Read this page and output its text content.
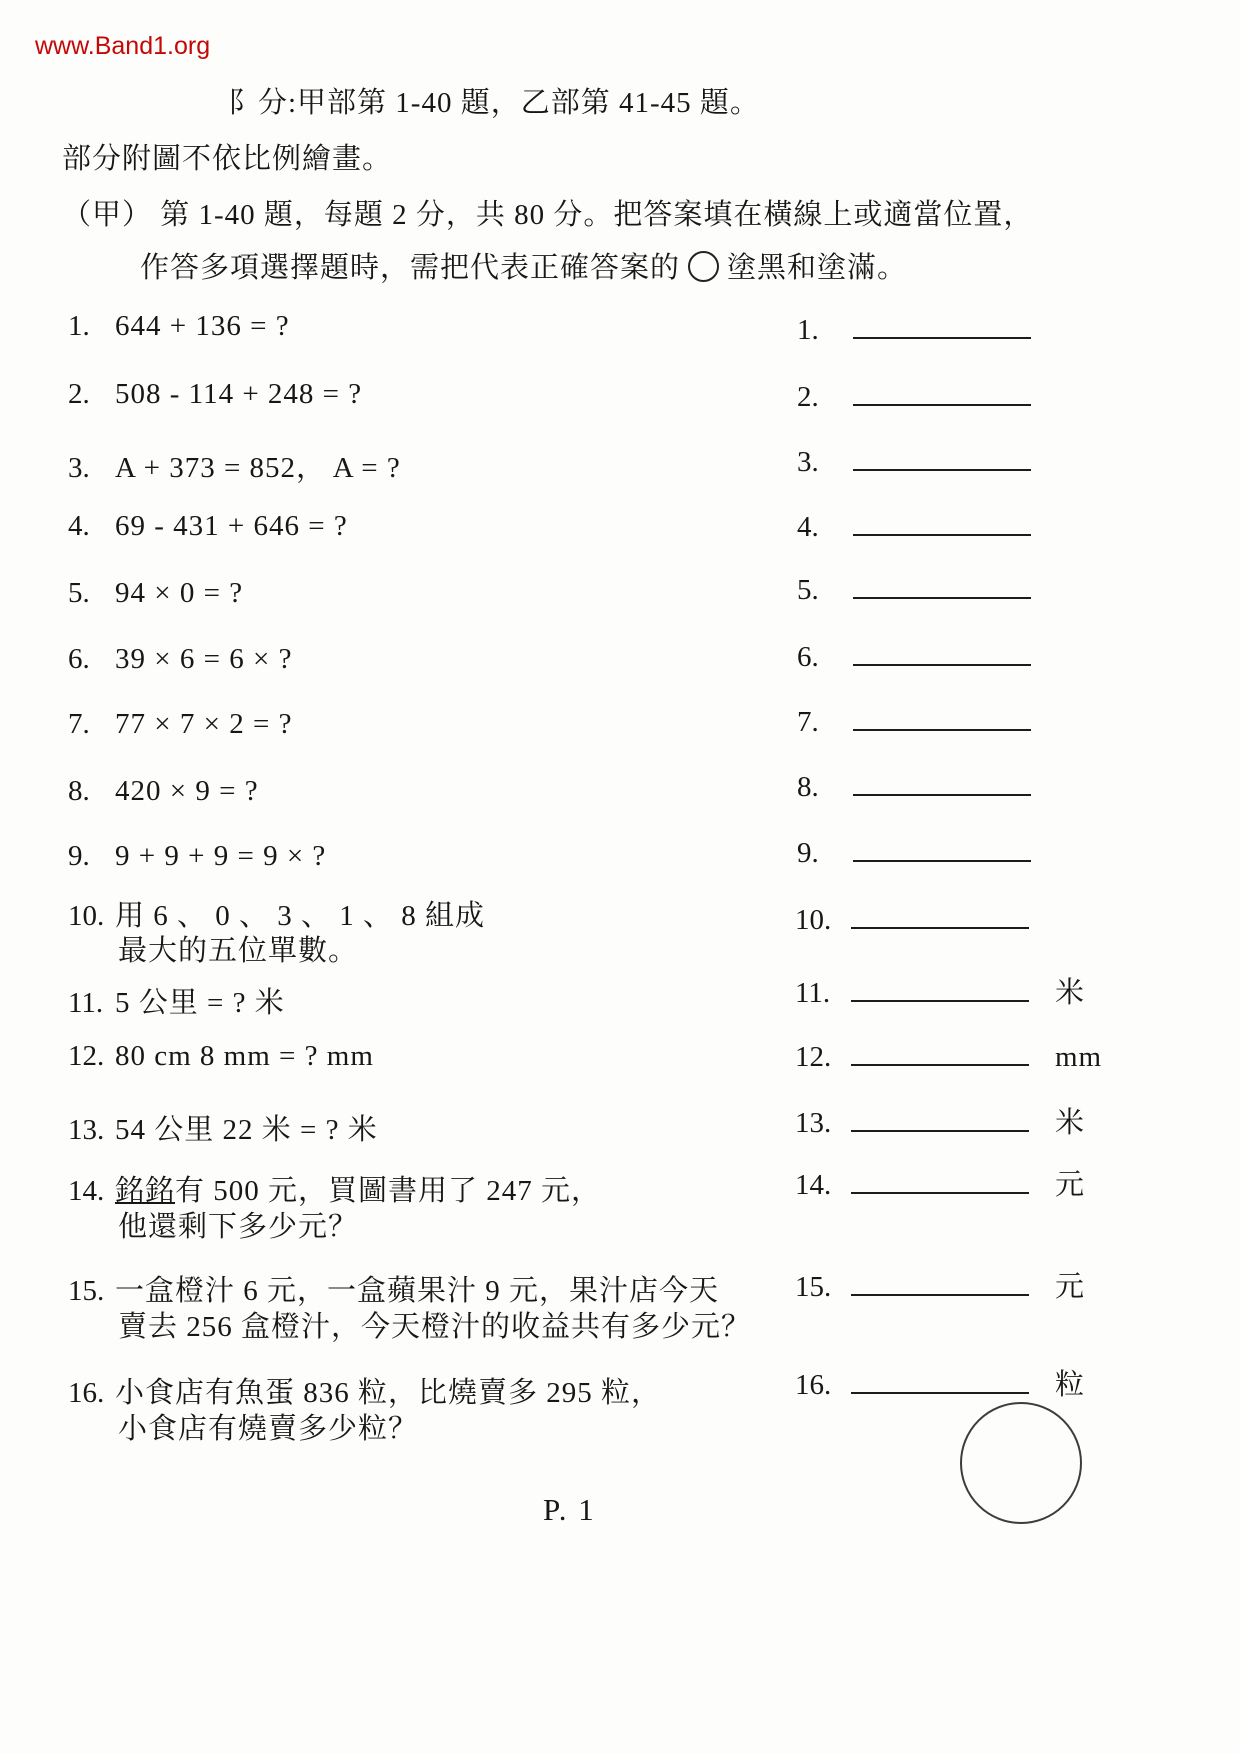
www.Band1.org
阝分:甲部第 1-40 題，乙部第 41-45 題。
部分附圖不依比例繪畫。
（甲） 第 1-40 題，每題 2 分，共 80 分。把答案填在橫線上或適當位置，
作答多項選擇題時，需把代表正確答案的 塗黑和塗滿。
1. 644 + 136 = ?
2. 508 - 114 + 248 = ?
3. A + 373 = 852， A = ?
4. 69 - 431 + 646 = ?
5. 94 × 0 = ?
6. 39 × 6 = 6 × ?
7. 77 × 7 × 2 = ?
8. 420 × 9 = ?
9. 9 + 9 + 9 = 9 × ?
10. 用 6 、 0 、 3 、 1 、 8 組成
最大的五位單數。
11. 5 公里 = ? 米
12. 80 cm 8 mm = ? mm
13. 54 公里 22 米 = ? 米
14. 銘銘有 500 元，買圖書用了 247 元，
他還剩下多少元？
15. 一盒橙汁 6 元，一盒蘋果汁 9 元，果汁店今天
賣去 256 盒橙汁，今天橙汁的收益共有多少元？
16. 小食店有魚蛋 836 粒，比燒賣多 295 粒，
小食店有燒賣多少粒？
1.
2.
3.
4.
5.
6.
7.
8.
9.
10.
11.	米
12.	mm
13.	米
14.	元
15.	元
16.	粒
P. 1
